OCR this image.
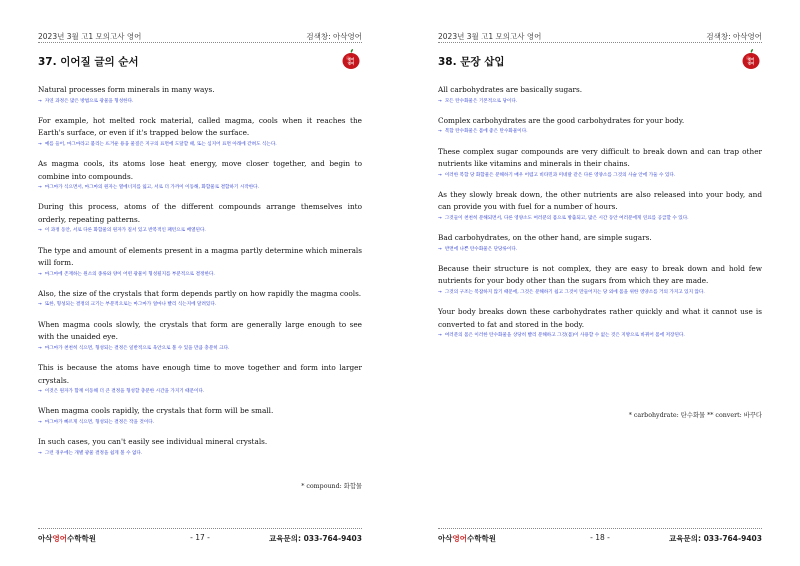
2023년 3월 고1 모의고사 영어	검색창: 아삭영어
37. 이어질 글의 순서	영어
영어
Natural processes form minerals in many ways.
→ 자연 과정은 많은 방법으로 광물을 형성한다.
For example, hot melted rock material, called magma, cools when it reaches the Earth's surface, or even if it's trapped below the surface.
→ 예를 들어, 마그마라고 불리는 뜨거운 용융 물질은 지구의 표면에 도달할 때, 또는 심지어 표면 아래에 갇혀도 식는다.
As magma cools, its atoms lose heat energy, move closer together, and begin to combine into compounds.
→ 마그마가 식으면서, 마그마의 원자는 열에너지를 잃고, 서로 더 가까이 이동해, 화합물로 결합하기 시작한다.
During this process, atoms of the different compounds arrange themselves into orderly, repeating patterns.
→ 이 과정 동안, 서로 다른 화합물의 원자가 질서 있고 반복적인 패턴으로 배열된다.
The type and amount of elements present in a magma partly determine which minerals will form.
→ 마그마에 존재하는 원소의 종류와 양이 어떤 광물이 형성될지를 부분적으로 결정한다.
Also, the size of the crystals that form depends partly on how rapidly the magma cools.
→ 또한, 형성되는 결정의 크기는 부분적으로는 마그마가 얼마나 빨리 식는지에 달려있다.
When magma cools slowly, the crystals that form are generally large enough to see with the unaided eye.
→ 마그마가 천천히 식으면, 형성되는 결정은 일반적으로 육안으로 볼 수 있을 만큼 충분히 크다.
This is because the atoms have enough time to move together and form into larger crystals.
→ 이것은 원자가 함께 이동해 더 큰 결정을 형성할 충분한 시간을 가지기 때문이다.
When magma cools rapidly, the crystals that form will be small.
→ 마그마가 빠르게 식으면, 형성되는 결정은 작을 것이다.
In such cases, you can't easily see individual mineral crystals.
→ 그런 경우에는 개별 광물 결정을 쉽게 볼 수 없다.
* compound: 화합물
아삭영어수학학원	- 17 -	교육문의: 033-764-9403
2023년 3월 고1 모의고사 영어	검색창: 아삭영어
38. 문장 삽입	영어
영어
All carbohydrates are basically sugars.
→ 모든 탄수화물은 기본적으로 당이다.
Complex carbohydrates are the good carbohydrates for your body.
→ 복합 탄수화물은 몸에 좋은 탄수화물이다.
These complex sugar compounds are very difficult to break down and can trap other nutrients like vitamins and minerals in their chains.
→ 이러한 복합 당 화합물은 분해하기 매우 어렵고 비타민과 미네랄 같은 다른 영양소를 그것의 사슬 안에 가둘 수 있다.
As they slowly break down, the other nutrients are also released into your body, and can provide you with fuel for a number of hours.
→ 그것들이 천천히 분해되면서, 다른 영양소도 여러분의 몸으로 방출되고, 많은 시간 동안 여러분에게 연료를 공급할 수 있다.
Bad carbohydrates, on the other hand, are simple sugars.
→ 반면에 나쁜 탄수화물은 단당류이다.
Because their structure is not complex, they are easy to break down and hold few nutrients for your body other than the sugars from which they are made.
→ 그것의 구조는 복잡하지 않기 때문에, 그것은 분해하기 쉽고 그것이 만들어지는 당 외에 몸을 위한 영양소를 거의 가지고 있지 않다.
Your body breaks down these carbohydrates rather quickly and what it cannot use is converted to fat and stored in the body.
→ 여러분의 몸은 이러한 탄수화물을 상당히 빨리 분해하고 그것(몸)이 사용할 수 없는 것은 지방으로 바뀌어 몸에 저장된다.
* carbohydrate: 탄수화물 ** convert: 바꾸다
아삭영어수학학원	- 18 -	교육문의: 033-764-9403
